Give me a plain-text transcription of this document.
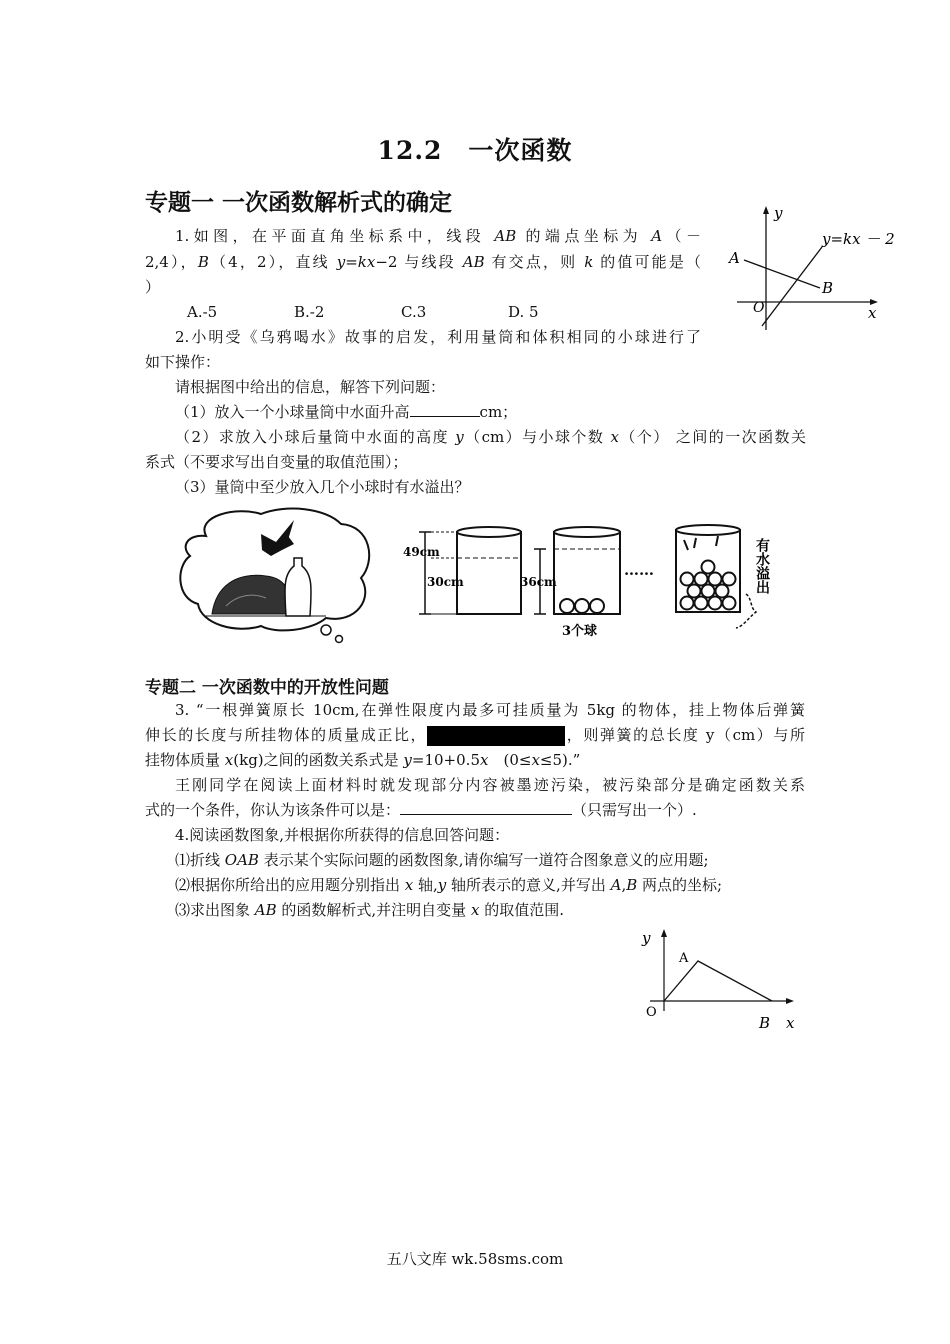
12.2　一次函数
专题一 一次函数解析式的确定
1.如图，在平面直角坐标系中，线段 AB 的端点坐标为 A（－
2,4），B（4，2），直线 y=kx−2 与线段 AB 有交点，则 k 的值可能是（
）
A.-5	B.-2	C.3	D. 5
y
x
O
A
B
y=kx － 2
2.小明受《乌鸦喝水》故事的启发，利用量筒和体积相同的小球进行了
如下操作：
请根据图中给出的信息，解答下列问题：
（1）放入一个小球量筒中水面升高	cm；
（2）求放入小球后量筒中水面的高度 y（cm）与小球个数 x（个） 之间的一次函数关
系式（不要求写出自变量的取值范围）；
（3）量筒中至少放入几个小球时有水溢出？
49cm
30cm	36cm
3个球
……	有水溢出
专题二 一次函数中的开放性问题
3. “一根弹簧原长 10cm,在弹性限度内最多可挂质量为 5kg 的物体，挂上物体后弹簧
伸长的长度与所挂物体的质量成正比，	，则弹簧的总长度 y（cm）与所
挂物体质量 x(kg)之间的函数关系式是 y=10+0.5x　(0≤x≤5).”
王刚同学在阅读上面材料时就发现部分内容被墨迹污染，被污染部分是确定函数关系
式的一个条件，你认为该条件可以是：	（只需写出一个）.
4.阅读函数图象,并根据你所获得的信息回答问题：
⑴折线 OAB 表示某个实际问题的函数图象,请你编写一道符合图象意义的应用题;
⑵根据你所给出的应用题分别指出 x 轴,y 轴所表示的意义,并写出 A,B 两点的坐标;
⑶求出图象 AB 的函数解析式,并注明自变量 x 的取值范围.
y
x
O
A
B
五八文库 wk.58sms.com
